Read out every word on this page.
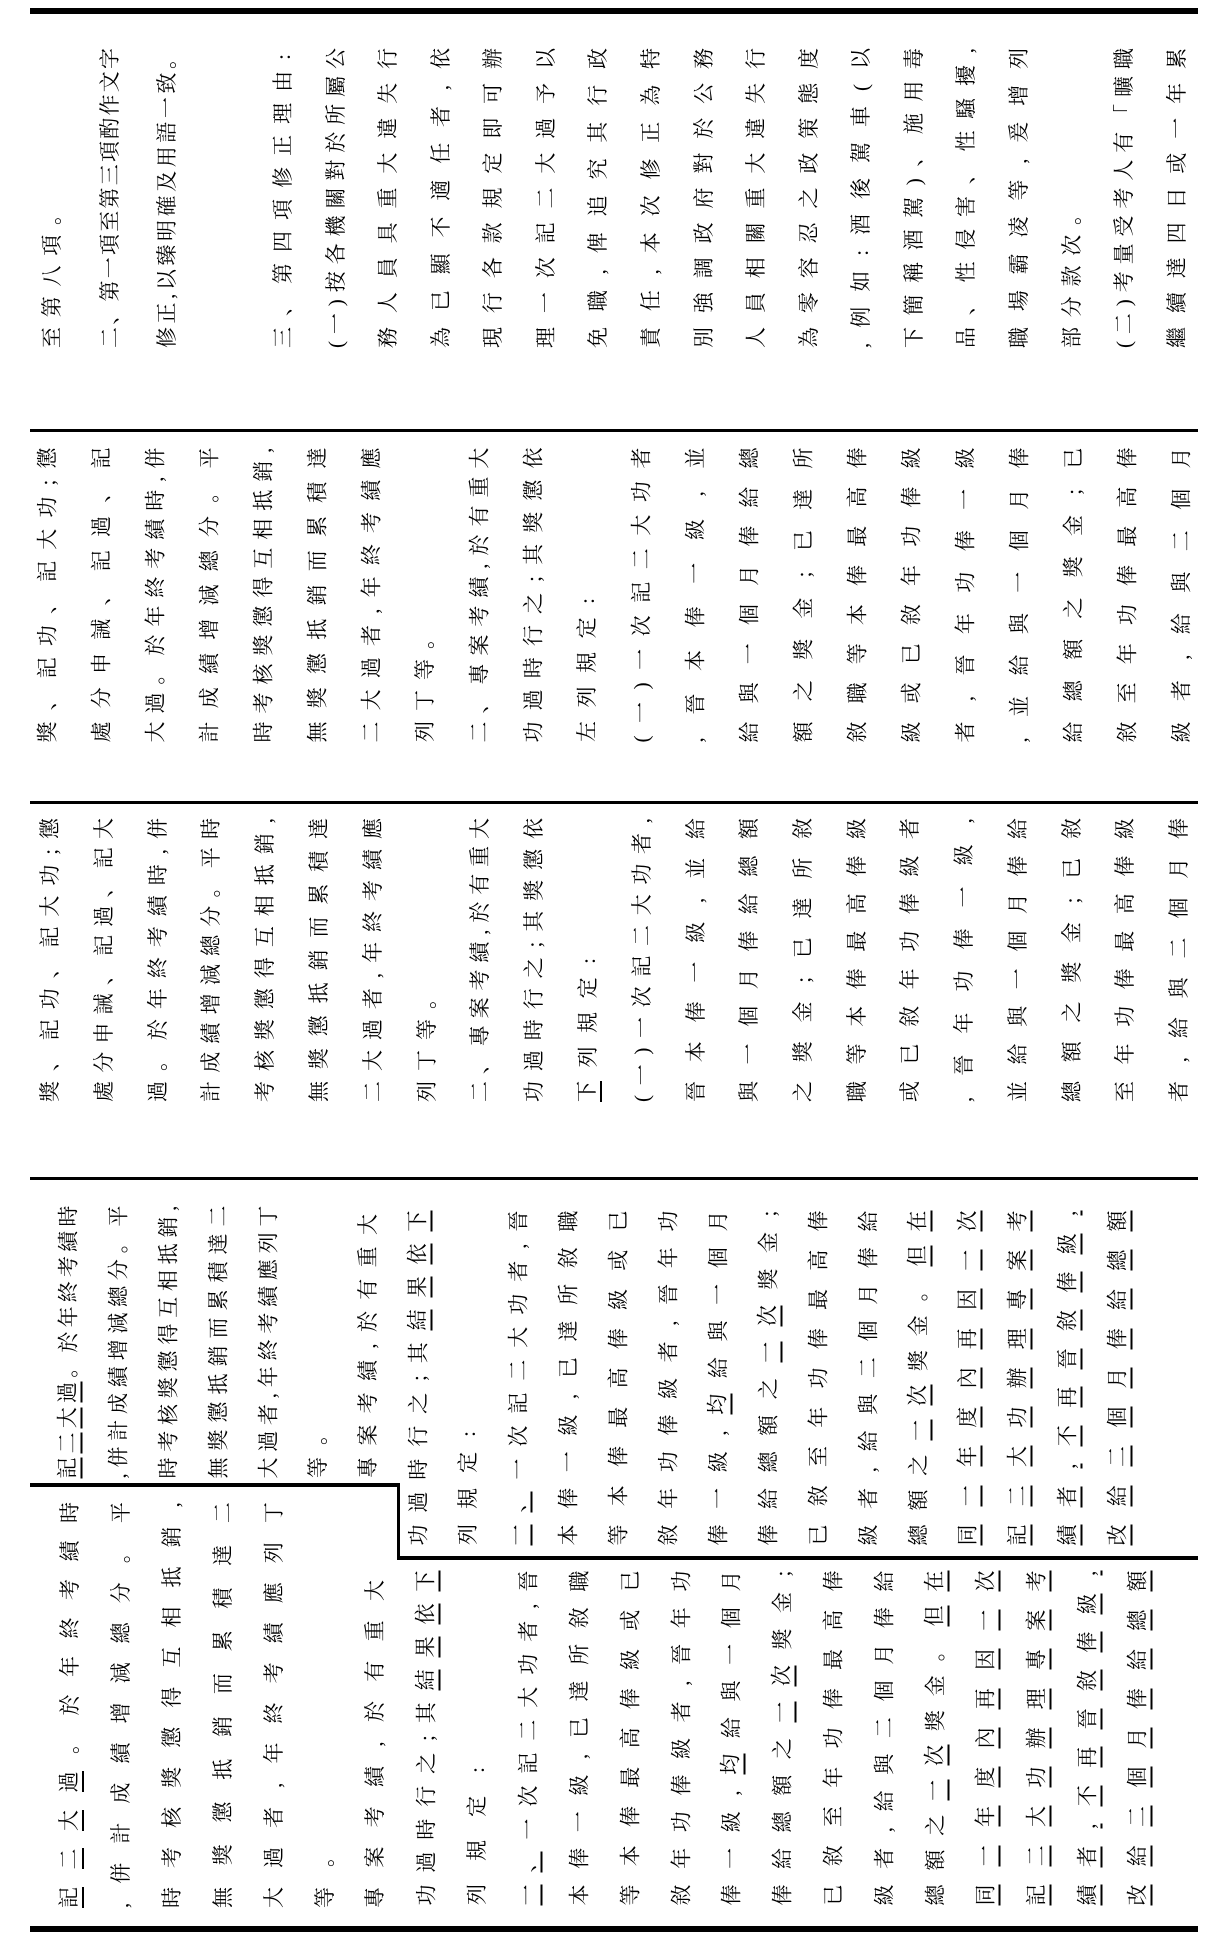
至
第
八
項
。
二
、
第
一
項
至
第
三
項
酌
作
文
字
修
正
,
以
臻
明
確
及
用
語
一
致
。
三
、
第
四
項
修
正
理
由
:
(
一
)
按
各
機
關
對
於
所
屬
公
務
人
員
具
重
大
違
失
行
為
已
顯
不
適
任
者
,
依
現
行
各
款
規
定
即
可
辦
理
一
次
記
二
大
過
予
以
免
職
,
俾
追
究
其
行
政
責
任
,
本
次
修
正
為
特
別
強
調
政
府
對
於
公
務
人
員
相
關
重
大
違
失
行
為
零
容
忍
之
政
策
態
度
,
例
如
:
酒
後
駕
車
(
以
下
簡
稱
酒
駕
)
、
施
用
毒
品
、
性
侵
害
、
性
騷
擾
,
職
場
霸
凌
等
,
爰
增
列
部
分
款
次
。
(
二
)
考
量
受
考
人
有
「
曠
職
繼
續
達
四
日
或
一
年
累
獎
、
記
功
、
記
大
功
;
懲
處
分
申
誡
、
記
過
、
記
大
過
。
於
年
終
考
績
時
,
併
計
成
績
增
減
總
分
。
平
時
考
核
獎
懲
得
互
相
抵
銷
,
無
獎
懲
抵
銷
而
累
積
達
二
大
過
者
,
年
終
考
績
應
列
丁
等
。
二
、
專
案
考
績
,
於
有
重
大
功
過
時
行
之
;
其
獎
懲
依
左
列
規
定
:
(
一
)
一
次
記
二
大
功
者
,
晉
本
俸
一
級
,
並
給
與
一
個
月
俸
給
總
額
之
獎
金
;
已
達
所
敘
職
等
本
俸
最
高
俸
級
或
已
敘
年
功
俸
級
者
,
晉
年
功
俸
一
級
,
並
給
與
一
個
月
俸
給
總
額
之
獎
金
;
已
敘
至
年
功
俸
最
高
俸
級
者
,
給
與
二
個
月
獎
、
記
功
、
記
大
功
;
懲
處
分
申
誡
、
記
過
、
記
大
過
。
於
年
終
考
績
時
,
併
計
成
績
增
減
總
分
。
平
時
考
核
獎
懲
得
互
相
抵
銷
,
無
獎
懲
抵
銷
而
累
積
達
二
大
過
者
,
年
終
考
績
應
列
丁
等
。
二
、
專
案
考
績
,
於
有
重
大
功
過
時
行
之
;
其
獎
懲
依
下
列
規
定
:
(
一
)
一
次
記
二
大
功
者
,
晉
本
俸
一
級
,
並
給
與
一
個
月
俸
給
總
額
之
獎
金
;
已
達
所
敘
職
等
本
俸
最
高
俸
級
或
已
敘
年
功
俸
級
者
,
晉
年
功
俸
一
級
,
並
給
與
一
個
月
俸
給
總
額
之
獎
金
;
已
敘
至
年
功
俸
最
高
俸
級
者
,
給
與
二
個
月
俸
記
二
大
過
。
於
年
終
考
績
時
,
併
計
成
績
增
減
總
分
。
平
時
考
核
獎
懲
得
互
相
抵
銷
,
無
獎
懲
抵
銷
而
累
積
達
二
大
過
者
,
年
終
考
績
應
列
丁
等
。
專
案
考
績
,
於
有
重
大
功
過
時
行
之
;
其
結
果
依
下
列
規
定
:
一
、
一
次
記
二
大
功
者
,
晉
本
俸
一
級
,
已
達
所
敘
職
等
本
俸
最
高
俸
級
或
已
敘
年
功
俸
級
者
,
晉
年
功
俸
一
級
,
均
給
與
一
個
月
俸
給
總
額
之
一
次
獎
金
;
已
敘
至
年
功
俸
最
高
俸
級
者
,
給
與
二
個
月
俸
給
總
額
之
一
次
獎
金
。
但
在
同
一
年
度
內
再
因
一
次
記
二
大
功
辦
理
專
案
考
績
者
,
不
再
晉
敘
俸
級
,
改
給
二
個
月
俸
給
總
額
記
二
大
過
。
於
年
終
考
績
時
,
併
計
成
績
增
減
總
分
。
平
時
考
核
獎
懲
得
互
相
抵
銷
,
無
獎
懲
抵
銷
而
累
積
達
二
大
過
者
,
年
終
考
績
應
列
丁
等
。
專
案
考
績
,
於
有
重
大
功
過
時
行
之
;
其
結
果
依
下
列
規
定
:
一
、
一
次
記
二
大
功
者
,
晉
本
俸
一
級
,
已
達
所
敘
職
等
本
俸
最
高
俸
級
或
已
敘
年
功
俸
級
者
,
晉
年
功
俸
一
級
,
均
給
與
一
個
月
俸
給
總
額
之
一
次
獎
金
;
已
敘
至
年
功
俸
最
高
俸
級
者
,
給
與
二
個
月
俸
給
總
額
之
一
次
獎
金
。
但
在
同
一
年
度
內
再
因
一
次
記
二
大
功
辦
理
專
案
考
績
者
,
不
再
晉
敘
俸
級
,
改
給
二
個
月
俸
給
總
額
